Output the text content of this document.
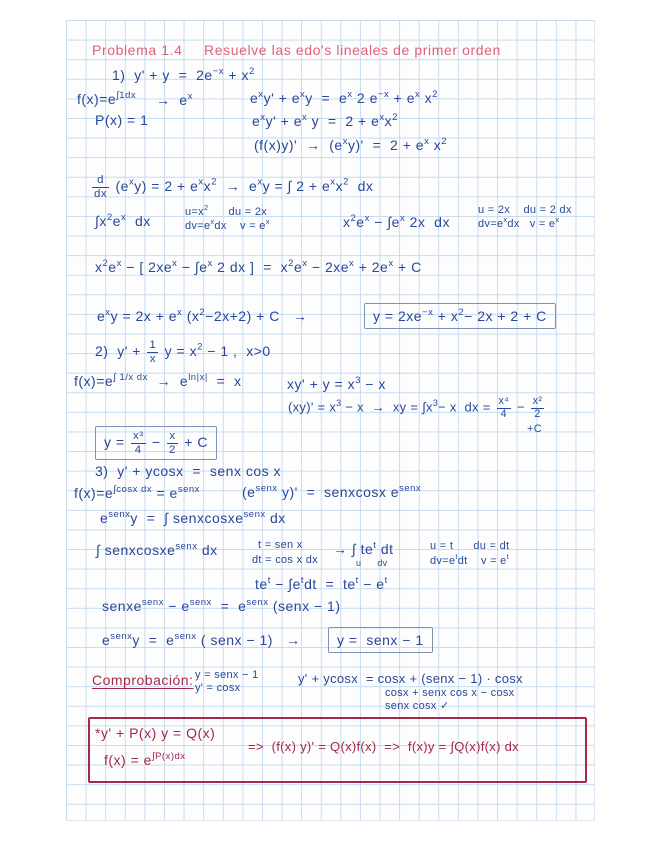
Problema 1.4 Resuelve las edo's lineales de primer orden
1)  $y' + y = 2e^{-x} + x^2$
$f(x)=e^{\int 1dx} \to e^x$	$e^xy' + e^xy = e^x$ 2 $e^{-x} + e^x$ $x^2$
P(x) = 1	$e^xy' + e^x$ $y = 2 + e^xx^2$
$(f(x)y)' \to (e^xy)' = 2 + e^x$ $x^2$
$\frac{d}{dx} (e^xy) = 2 + e^xx^2 \to e^xy$ = ∫ $2 + e^xx^2$  dx
$\int x^2e^x$  dx
$u=x^2$      du = 2x
$dv=e^xdx$    $v = e^x$	$x^2e^x - \int e^x$ 2x  dx
u = 2x    du = 2 dx
$dv=e^xdx$   $v = e^x$
$x^2e^x$ − [ $2xe^x - \int e^x$ 2 dx ]  =  $x^2e^x - 2xe^x + 2e^x + C$
$e^xy = 2x + e^x$ $(x^2-2x+2) + C$   →	$y = 2xe^{-x} + x^2- 2x + 2 + C$
2)  $y' + \frac{1}{x}$ $y = x^2 - 1$ ,  x>0
$f(x)=e^{\int 1/x dx} \to e^{ln|x|} = x$	$xy' + y = x^3 - x$
$(xy)' = x^3 - x$  →  xy = $\int x^3- x$  dx = $\frac{\text{x⁴}}{4} - \frac{\text{x²}}{2}$
+C
$y = \frac{\text{x³}}{4} - \frac{x}{2} + C$
3)  y' + ycosx  =  senx cos x
$f(x)=e^{\int cosx dx} = e^{senx}$	($e^{senx}$ y)'  =  senxcosx $e^{senx}$
$e^{senx}y$  =  ∫ senxcosxe$^{senx}$ dx
∫ senxcosxe$^{senx}$ dx	t = sen x
dt = cos x dx
→ ∫ $te^t$ dt
u      dv
u = t      du = dt
$dv=e^tdt$    $v = e^t$
$te^t - \int e^tdt = te^t - e^t$
senxe$^{senx}$ − $e^{senx} = e^{senx}$ (senx − 1)
$e^{senx}y = e^{senx}$ ( senx − 1)   →	y =  senx − 1
Comprobación: y = senx − 1
y' = cosx
y' + ycosx  = cosx + (senx − 1) · cosx
cosx + senx cos x − cosx
senx cosx ✓
*y' + P(x) y = Q(x)
$f(x) = e^{\int P(x)dx}$
=>  (f(x) y)' = Q(x)f(x)  =>  f(x)y = ∫Q(x)f(x) dx
